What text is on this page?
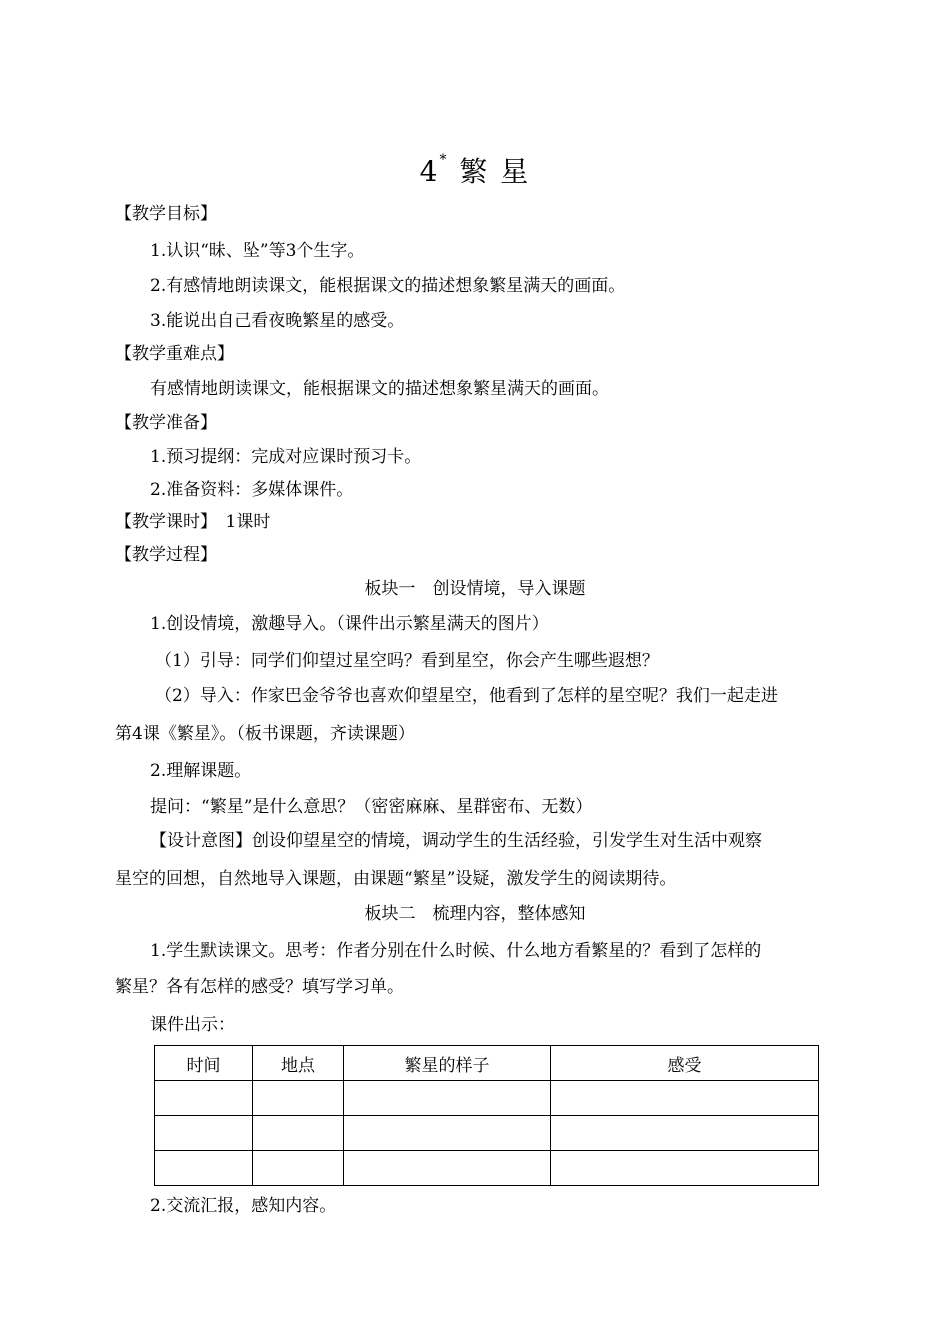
4* 繁 星
【教学目标】
1.认识“昧、坠”等3个生字。
2.有感情地朗读课文，能根据课文的描述想象繁星满天的画面。
3.能说出自己看夜晚繁星的感受。
【教学重难点】
有感情地朗读课文，能根据课文的描述想象繁星满天的画面。
【教学准备】
1.预习提纲：完成对应课时预习卡。
2.准备资料：多媒体课件。
【教学课时】　1课时
【教学过程】
板块一　创设情境，导入课题
1.创设情境，激趣导入。（课件出示繁星满天的图片）
（1）引导：同学们仰望过星空吗？看到星空，你会产生哪些遐想？
（2）导入：作家巴金爷爷也喜欢仰望星空，他看到了怎样的星空呢？我们一起走进
第4课《繁星》。（板书课题，齐读课题）
2.理解课题。
提问：“繁星”是什么意思？（密密麻麻、星群密布、无数）
【设计意图】创设仰望星空的情境，调动学生的生活经验，引发学生对生活中观察
星空的回想，自然地导入课题，由课题“繁星”设疑，激发学生的阅读期待。
板块二　梳理内容，整体感知
1.学生默读课文。思考：作者分别在什么时候、什么地方看繁星的？看到了怎样的
繁星？各有怎样的感受？填写学习单。
课件出示：
时间	地点	繁星的样子	感受

2.交流汇报，感知内容。
